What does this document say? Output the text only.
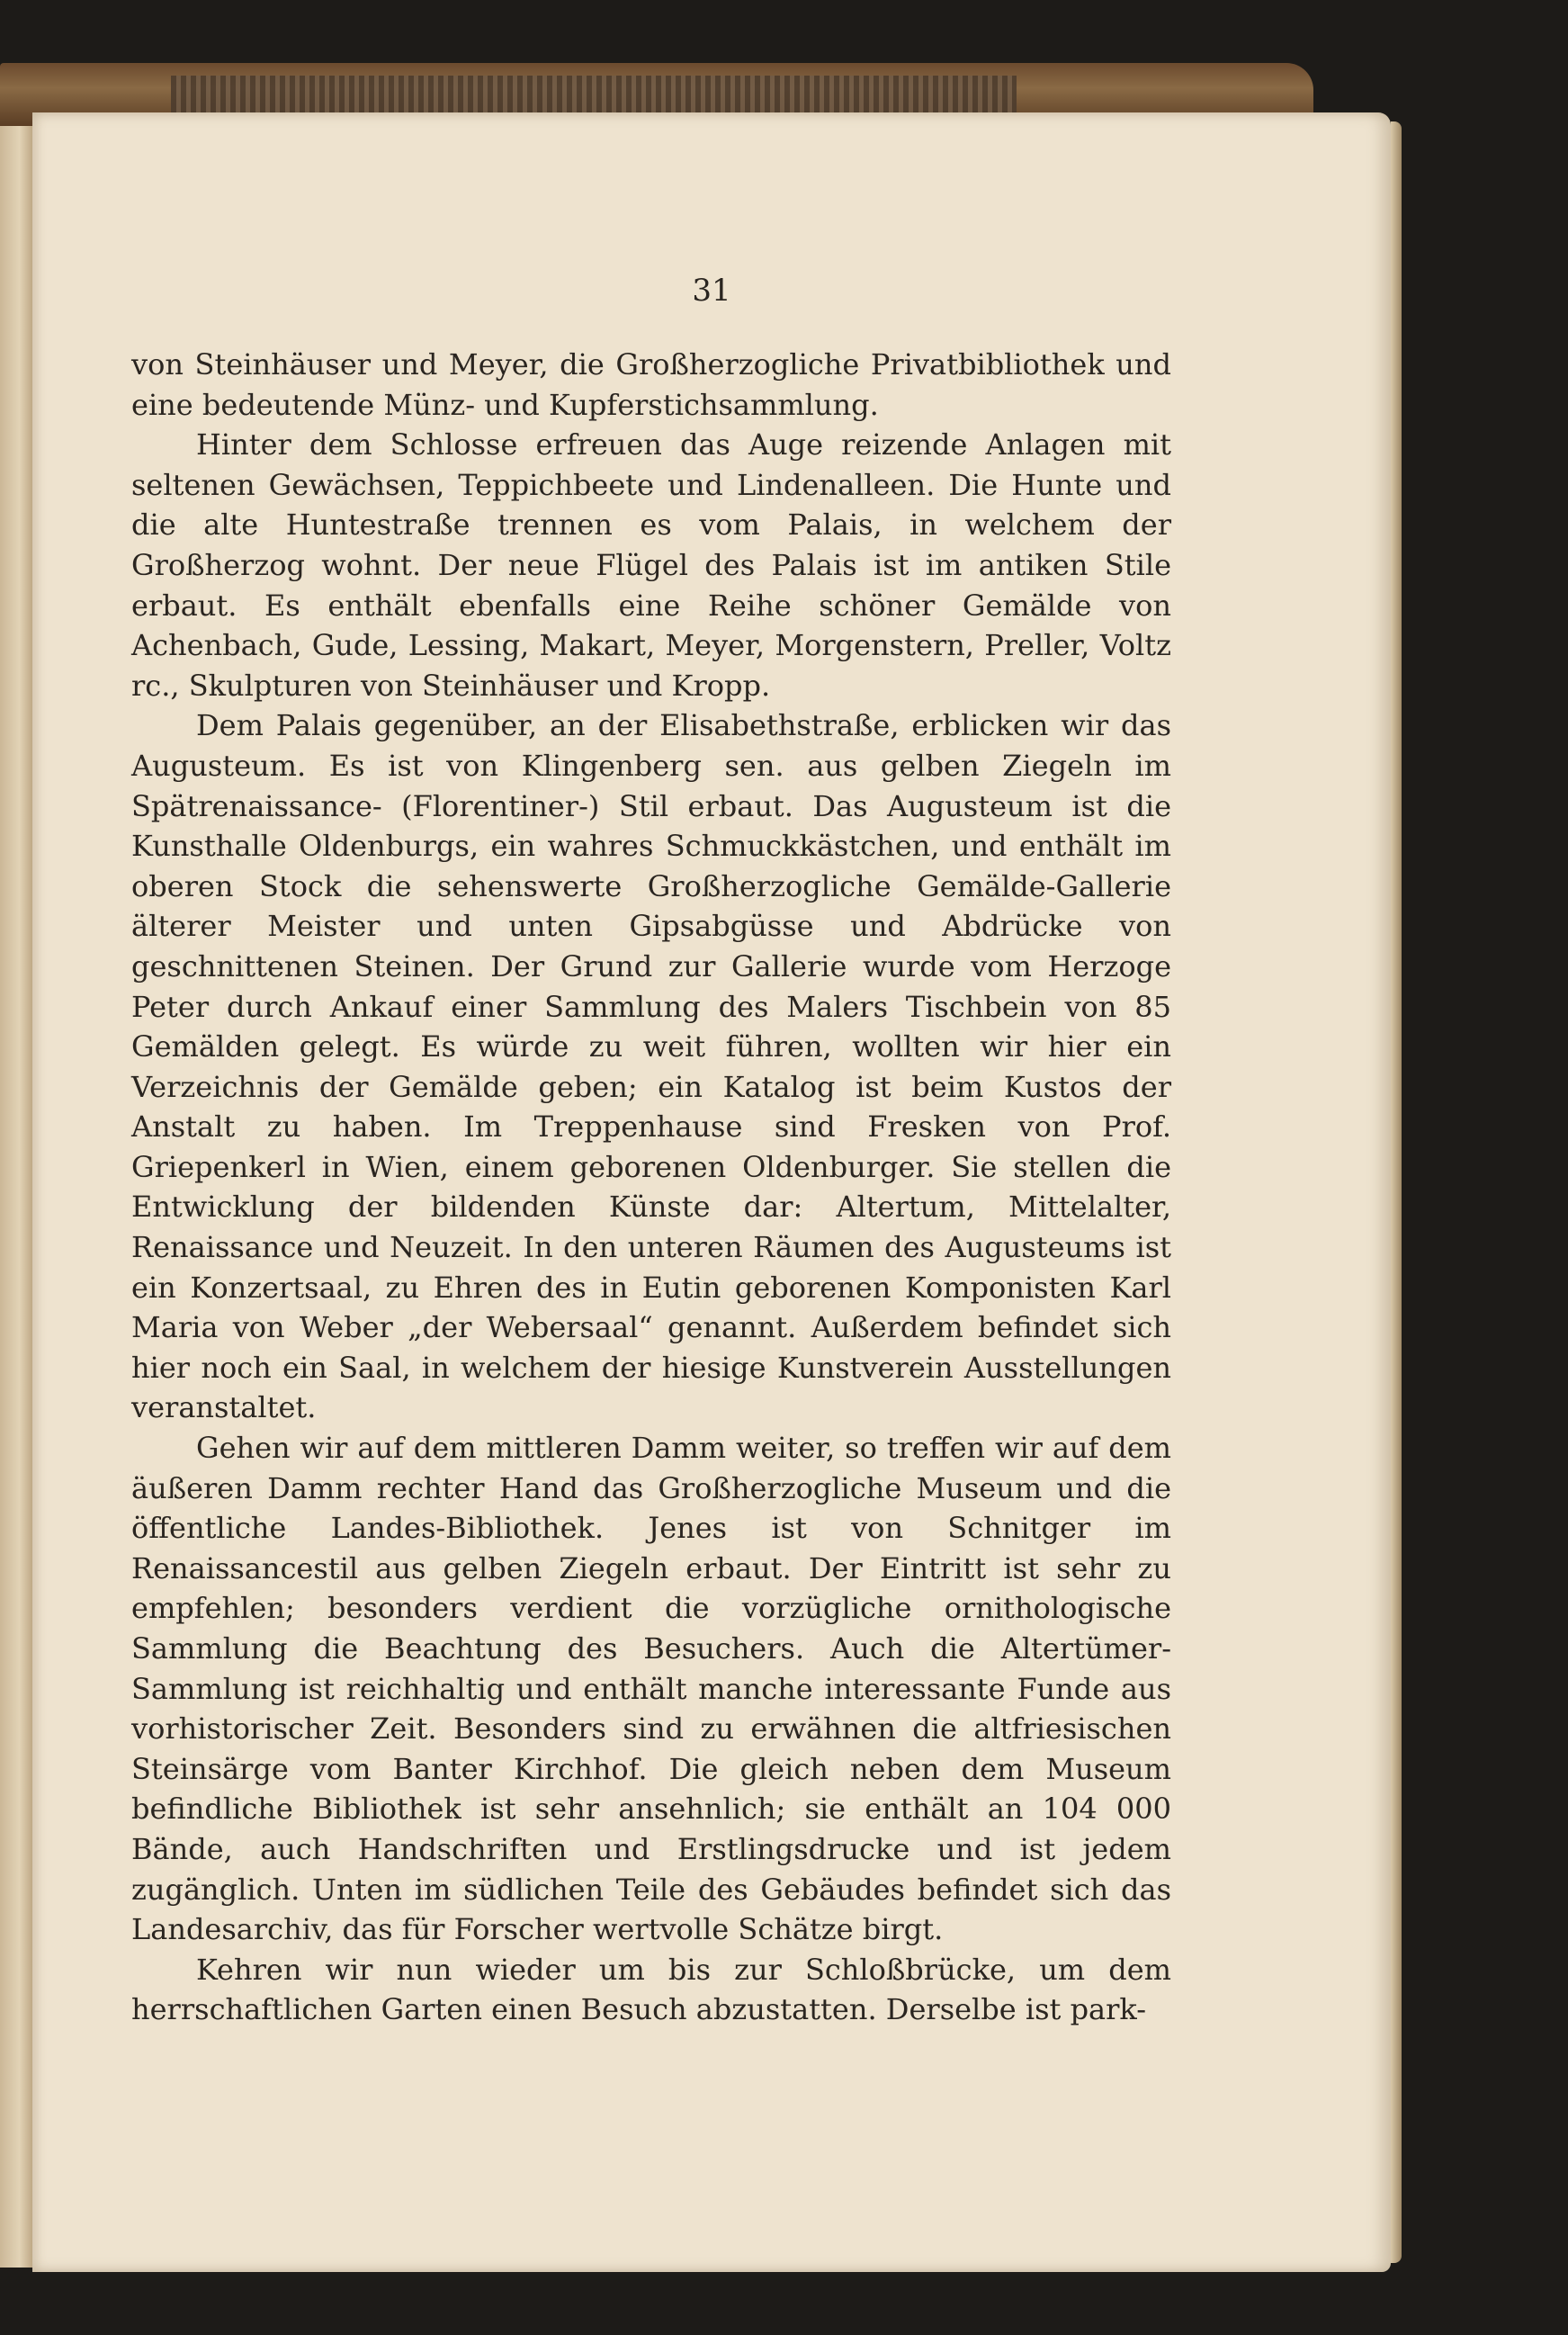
31

von Steinhäuser und Meyer, die Großherzogliche Privatbibliothek und eine bedeutende Münz- und Kupferstichsammlung.

Hinter dem Schlosse erfreuen das Auge reizende Anlagen mit seltenen Gewächsen, Teppichbeete und Lindenalleen. Die Hunte und die alte Huntestraße trennen es vom Palais, in welchem der Großherzog wohnt. Der neue Flügel des Palais ist im antiken Stile erbaut. Es enthält ebenfalls eine Reihe schöner Gemälde von Achenbach, Gude, Lessing, Makart, Meyer, Morgenstern, Preller, Voltz rc., Skulpturen von Steinhäuser und Kropp.

Dem Palais gegenüber, an der Elisabethstraße, erblicken wir das Augusteum. Es ist von Klingenberg sen. aus gelben Ziegeln im Spätrenaissance- (Florentiner-) Stil erbaut. Das Augusteum ist die Kunsthalle Oldenburgs, ein wahres Schmuckkästchen, und enthält im oberen Stock die sehenswerte Großherzogliche Gemälde-Gallerie älterer Meister und unten Gipsabgüsse und Abdrücke von geschnittenen Steinen. Der Grund zur Gallerie wurde vom Herzoge Peter durch Ankauf einer Sammlung des Malers Tischbein von 85 Gemälden gelegt. Es würde zu weit führen, wollten wir hier ein Verzeichnis der Gemälde geben; ein Katalog ist beim Kustos der Anstalt zu haben. Im Treppenhause sind Fresken von Prof. Griepenkerl in Wien, einem geborenen Oldenburger. Sie stellen die Entwicklung der bildenden Künste dar: Altertum, Mittelalter, Renaissance und Neuzeit. In den unteren Räumen des Augusteums ist ein Konzertsaal, zu Ehren des in Eutin geborenen Komponisten Karl Maria von Weber „der Webersaal“ genannt. Außerdem befindet sich hier noch ein Saal, in welchem der hiesige Kunstverein Ausstellungen veranstaltet.

Gehen wir auf dem mittleren Damm weiter, so treffen wir auf dem äußeren Damm rechter Hand das Großherzogliche Museum und die öffentliche Landes-Bibliothek. Jenes ist von Schnitger im Renaissancestil aus gelben Ziegeln erbaut. Der Eintritt ist sehr zu empfehlen; besonders verdient die vorzügliche ornithologische Sammlung die Beachtung des Besuchers. Auch die Altertümer-Sammlung ist reichhaltig und enthält manche interessante Funde aus vorhistorischer Zeit. Besonders sind zu erwähnen die altfriesischen Steinsärge vom Banter Kirchhof. Die gleich neben dem Museum befindliche Bibliothek ist sehr ansehnlich; sie enthält an 104 000 Bände, auch Handschriften und Erstlingsdrucke und ist jedem zugänglich. Unten im südlichen Teile des Gebäudes befindet sich das Landesarchiv, das für Forscher wertvolle Schätze birgt.

Kehren wir nun wieder um bis zur Schloßbrücke, um dem herrschaftlichen Garten einen Besuch abzustatten. Derselbe ist park-
